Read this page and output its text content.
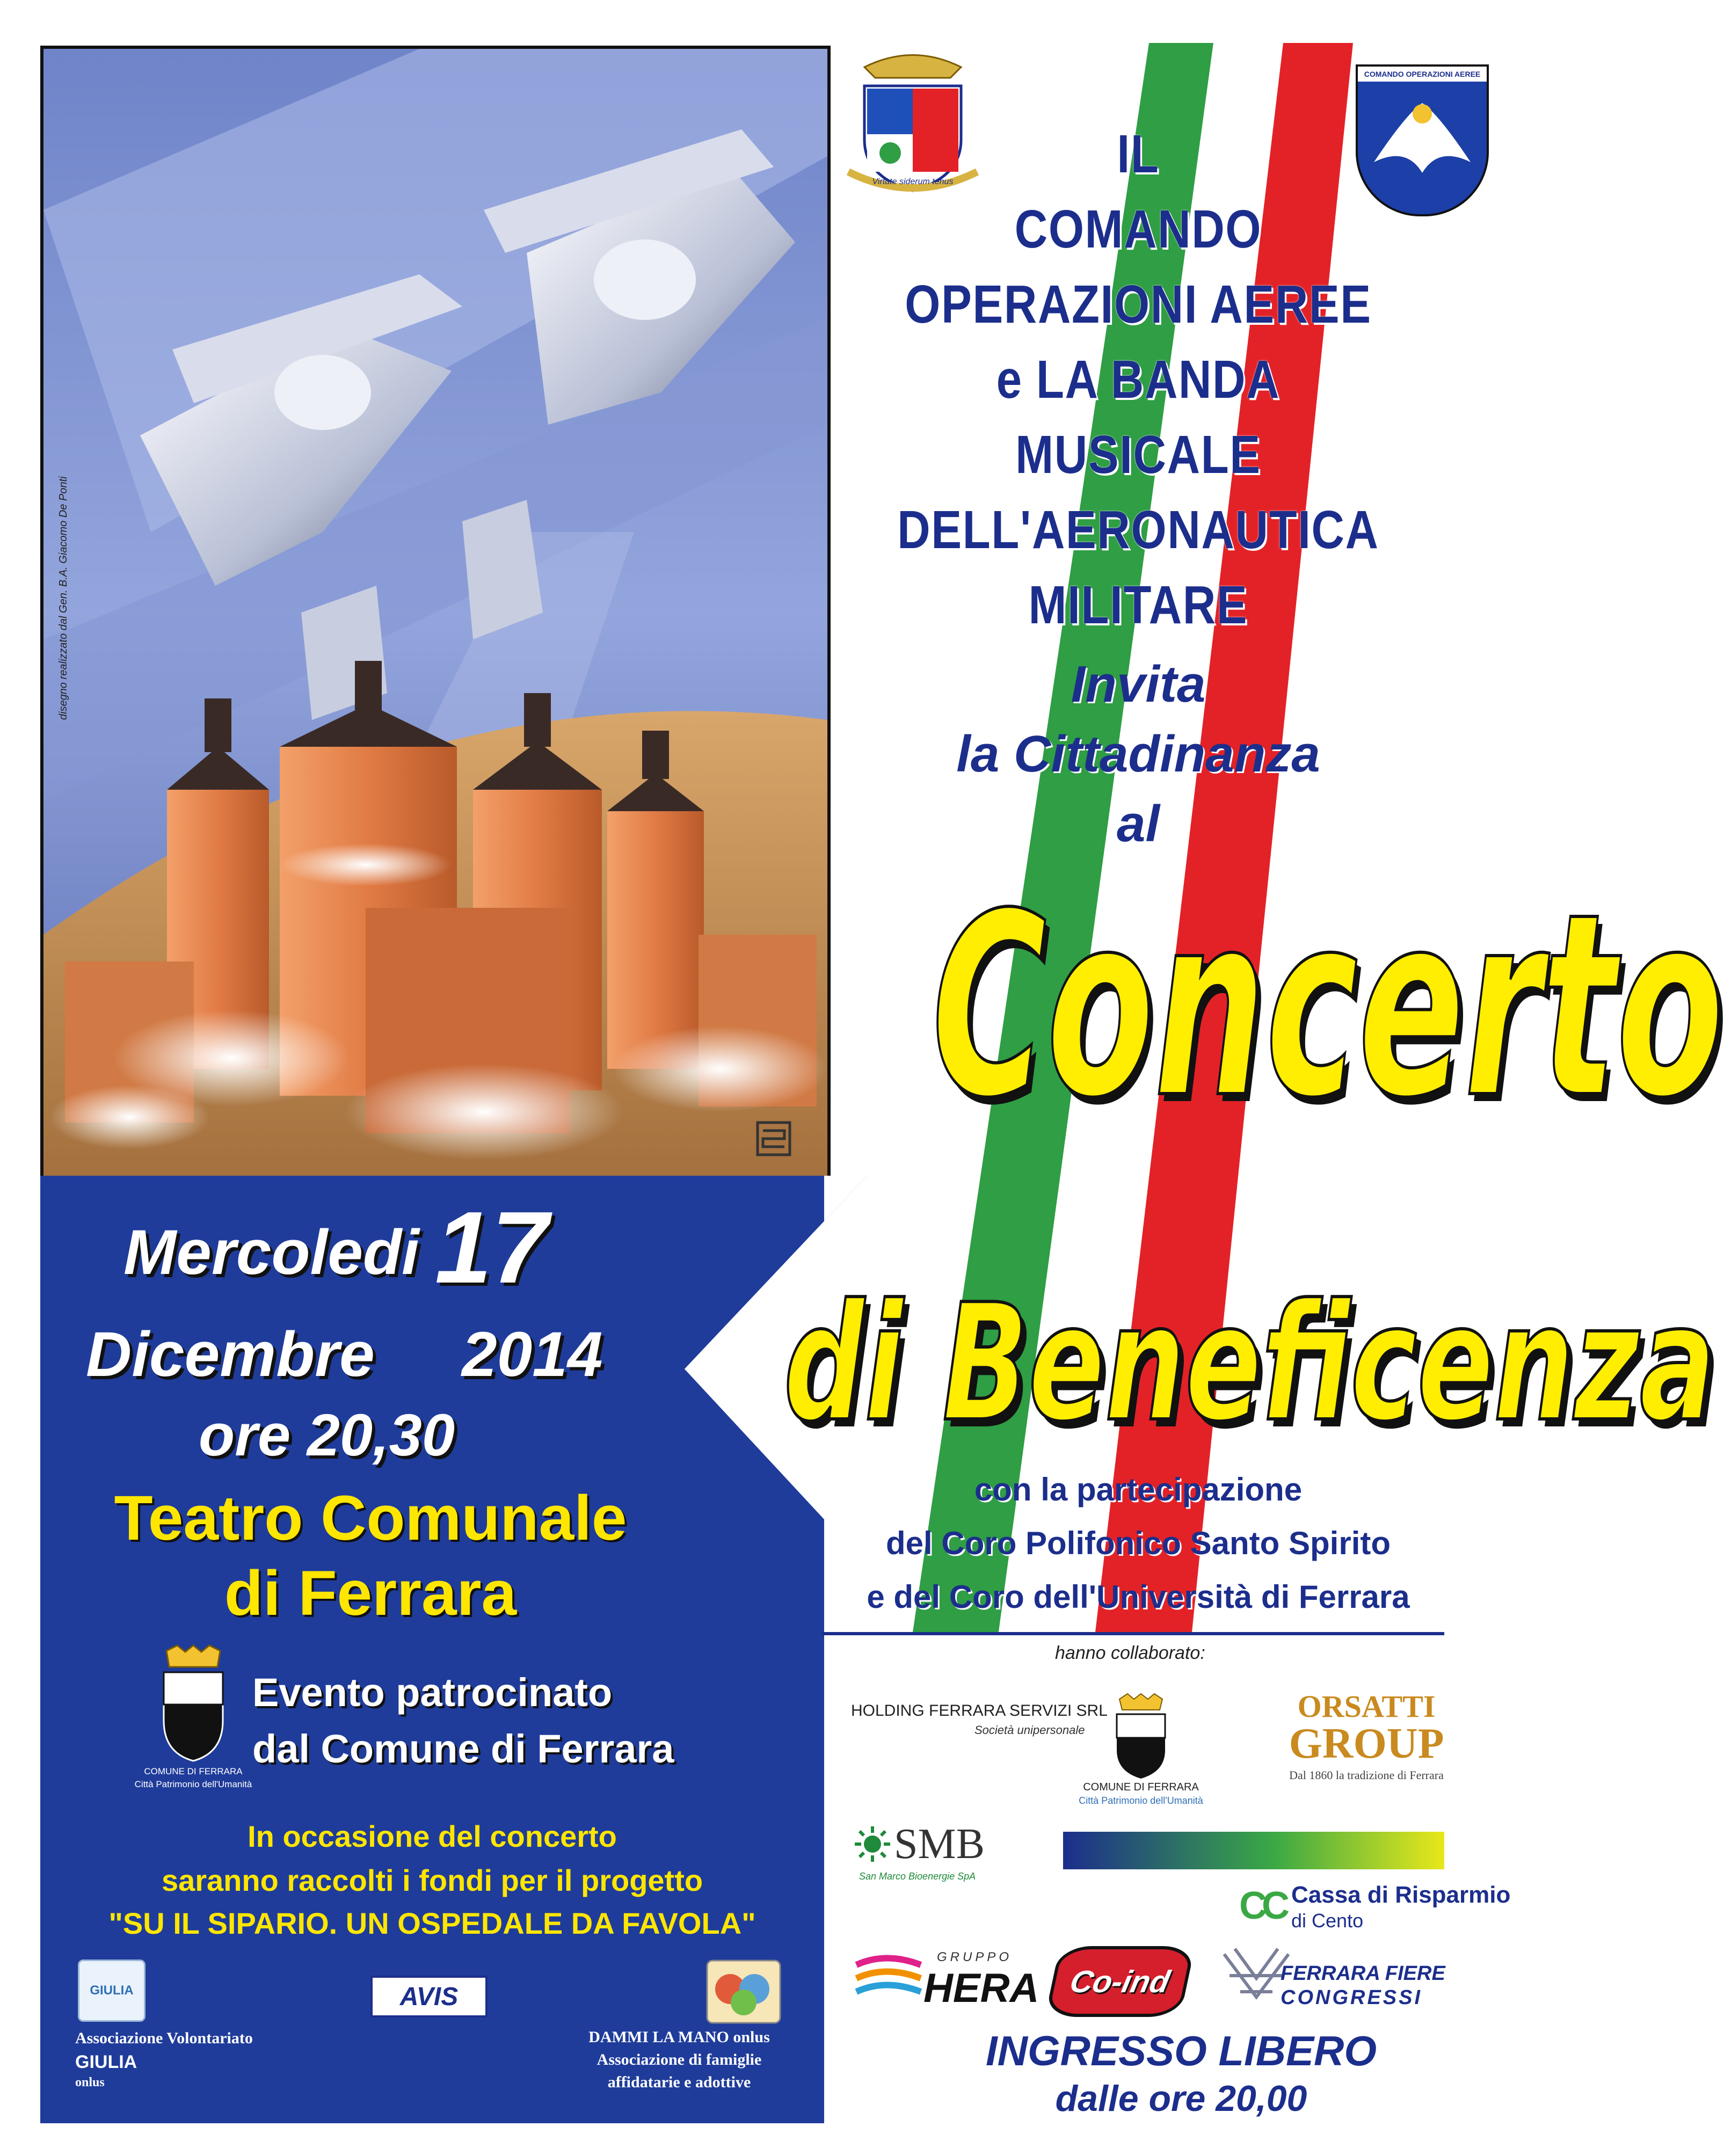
disegno realizzato dal Gen. B.A. Giacomo De Ponti
Mercoledi 17
Dicembre 2014
ore 20,30
Teatro Comunale
di Ferrara
COMUNE DI FERRARA
Città Patrimonio dell'Umanità
Evento patrocinato
dal Comune di Ferrara
In occasione del concerto
saranno raccolti i fondi per il progetto
"SU IL SIPARIO. UN OSPEDALE DA FAVOLA"
GIULIA	AVIS
Associazione Volontariato
GIULIA
onlus
DAMMI LA MANO onlus
Associazione di famiglie
affidatarie e adottive
Virtute siderum tenus
COMANDO OPERAZIONI AEREE
IL
COMANDO
OPERAZIONI AEREE
e LA BANDA
MUSICALE
DELL'AERONAUTICA
MILITARE
Invita
la Cittadinanza
al
Concerto
di Beneficenza
con la partecipazione
del Coro Polifonico Santo Spirito
e del Coro dell'Università di Ferrara
hanno collaborato:
HOLDING FERRARA SERVIZI SRL
Società unipersonale
COMUNE DI FERRARA
Città Patrimonio dell'Umanità
ORSATTI
GROUP
Dal 1860 la tradizione di Ferrara
SMB
San Marco Bioenergie SpA
CC Cassa di Risparmio
di Cento
GRUPPO
HERA Co-ind	FERRARA FIERE
CONGRESSI
INGRESSO LIBERO
dalle ore 20,00
